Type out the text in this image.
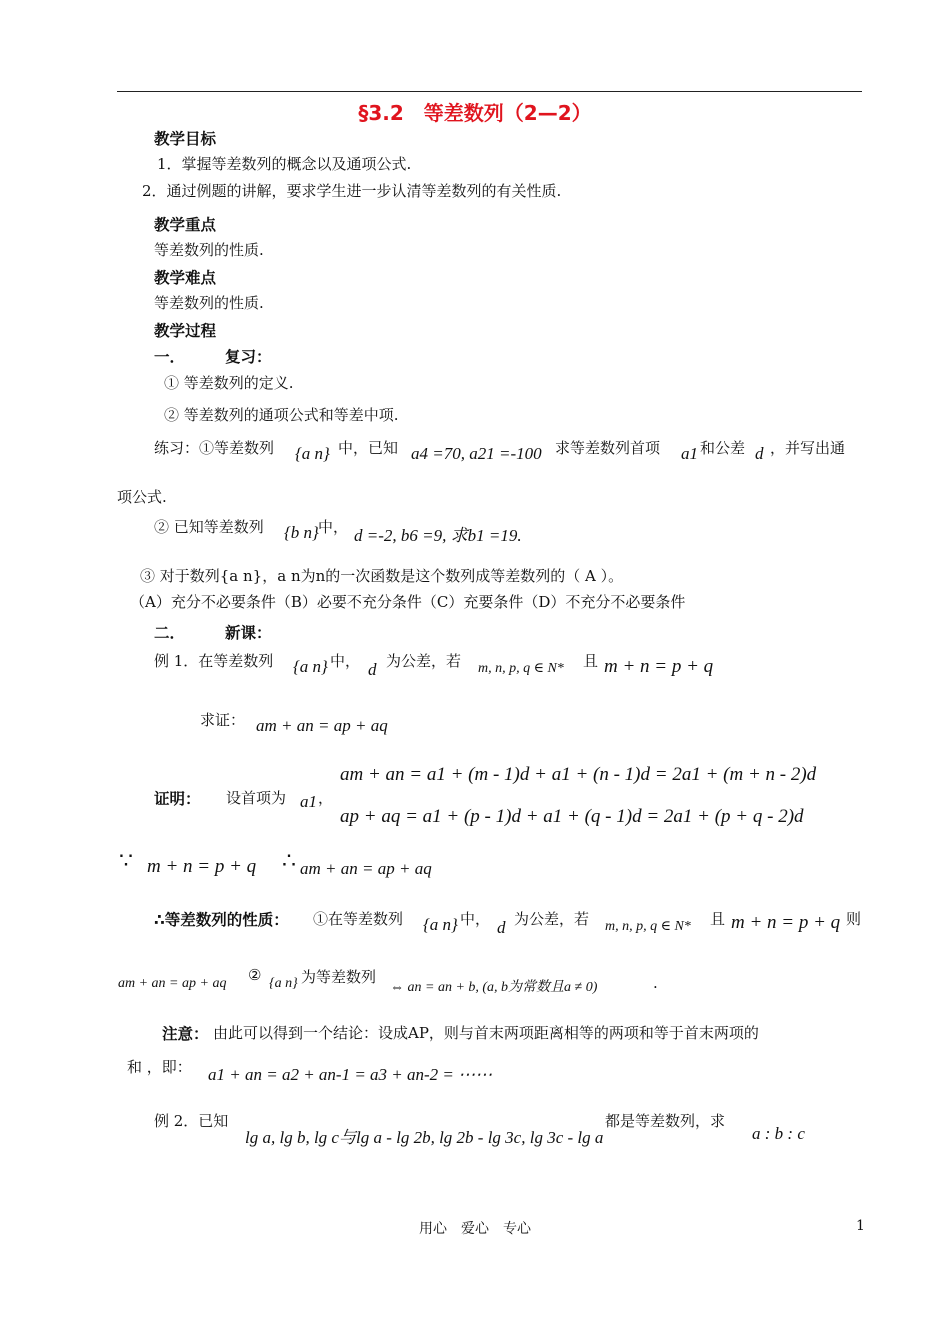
§3.2　等差数列（2—2）
教学目标
1．掌握等差数列的概念以及通项公式.
2．通过例题的讲解，要求学生进一步认清等差数列的有关性质.
教学重点
等差数列的性质.
教学难点
等差数列的性质.
教学过程
一．	复习：
① 等差数列的定义.
② 等差数列的通项公式和等差中项.
练习：①等差数列 {a n} 中，已知 a4 =70, a21 =-100 求等差数列首项 a1 和公差 d ，并写出通
项公式.
② 已知等差数列 {b n} 中， d =-2, b6 =9, 求b1 =19.
③ 对于数列{a n}，a n为n的一次函数是这个数列成等差数列的（ A ）。
（A）充分不必要条件（B）必要不充分条件（C）充要条件（D）不充分不必要条件
二．	新课：
例 1．在等差数列 {a n} 中， d 为公差，若 m, n, p, q ∈ N* 且 m + n = p + q
求证： am + an = ap + aq
证明： 设首项为 a1 ，
am + an = a1 + (m - 1)d + a1 + (n - 1)d = 2a1 + (m + n - 2)d
ap + aq = a1 + (p - 1)d + a1 + (q - 1)d = 2a1 + (p + q - 2)d
∵ m + n = p + q ∴ am + an = ap + aq
∴等差数列的性质： ①在等差数列 {a n} 中， d 为公差，若 m, n, p, q ∈ N* 且 m + n = p + q 则
am + an = ap + aq ② {a n} 为等差数列
⇔ an = an + b, (a, b为常数且a ≠ 0)	.
注意： 由此可以得到一个结论：设成AP，则与首末两项距离相等的两项和等于首末两项的
和 ，即： a1 + an = a2 + an-1 = a3 + an-2 = ⋯⋯
例 2．已知
lg a, lg b, lg c与lg a - lg 2b, lg 2b - lg 3c, lg 3c - lg a
都是等差数列，求
a : b : c
用心　爱心　专心	1
